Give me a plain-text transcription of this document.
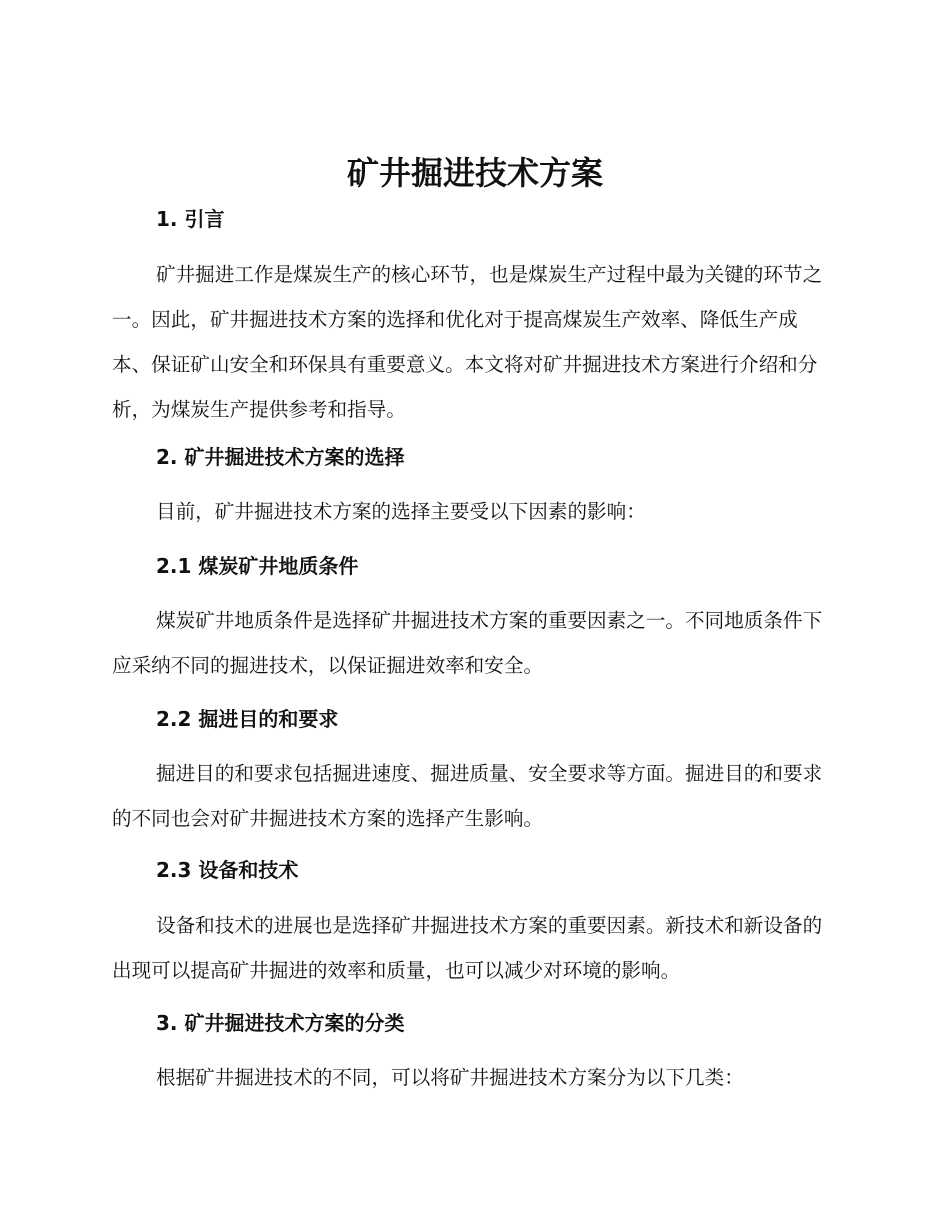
矿井掘进技术方案
1. 引言

矿井掘进工作是煤炭生产的核心环节，也是煤炭生产过程中最为关键的环节之一。因此，矿井掘进技术方案的选择和优化对于提高煤炭生产效率、降低生产成本、保证矿山安全和环保具有重要意义。本文将对矿井掘进技术方案进行介绍和分析，为煤炭生产提供参考和指导。

2. 矿井掘进技术方案的选择

目前，矿井掘进技术方案的选择主要受以下因素的影响：

2.1 煤炭矿井地质条件

煤炭矿井地质条件是选择矿井掘进技术方案的重要因素之一。不同地质条件下应采纳不同的掘进技术，以保证掘进效率和安全。

2.2 掘进目的和要求

掘进目的和要求包括掘进速度、掘进质量、安全要求等方面。掘进目的和要求的不同也会对矿井掘进技术方案的选择产生影响。

2.3 设备和技术

设备和技术的进展也是选择矿井掘进技术方案的重要因素。新技术和新设备的出现可以提高矿井掘进的效率和质量，也可以减少对环境的影响。

3. 矿井掘进技术方案的分类

根据矿井掘进技术的不同，可以将矿井掘进技术方案分为以下几类：
